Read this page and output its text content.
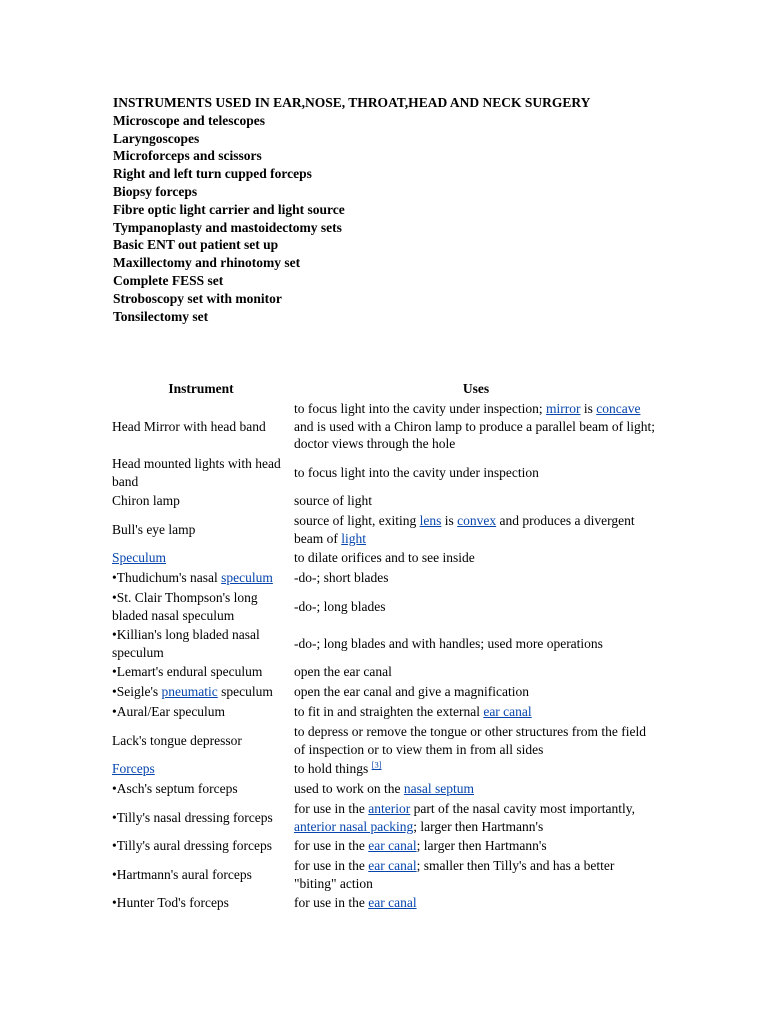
INSTRUMENTS USED IN EAR,NOSE, THROAT,HEAD AND NECK SURGERY

Microscope and telescopes

Laryngoscopes

Microforceps and scissors

Right and left turn cupped forceps

Biopsy forceps

Fibre optic light carrier and light source

Tympanoplasty and mastoidectomy sets

Basic ENT out patient set up

Maxillectomy and rhinotomy set

Complete FESS set

Stroboscopy set with monitor

Tonsilectomy set

Instrument	Uses
Head Mirror with head band	to focus light into the cavity under inspection; mirror is concave and is used with a Chiron lamp to produce a parallel beam of light; doctor views through the hole
Head mounted lights with head band	to focus light into the cavity under inspection
Chiron lamp	source of light
Bull's eye lamp	source of light, exiting lens is convex and produces a divergent beam of light
Speculum	to dilate orifices and to see inside
•Thudichum's nasal speculum	-do-; short blades
•St. Clair Thompson's long bladed nasal speculum	-do-; long blades
•Killian's long bladed nasal speculum	-do-; long blades and with handles; used more operations
•Lemart's endural speculum	open the ear canal
•Seigle's pneumatic speculum	open the ear canal and give a magnification
•Aural/Ear speculum	to fit in and straighten the external ear canal
Lack's tongue depressor	to depress or remove the tongue or other structures from the field of inspection or to view them in from all sides
Forceps	to hold things [3]
•Asch's septum forceps	used to work on the nasal septum
•Tilly's nasal dressing forceps	for use in the anterior part of the nasal cavity most importantly, anterior nasal packing; larger then Hartmann's
•Tilly's aural dressing forceps	for use in the ear canal; larger then Hartmann's
•Hartmann's aural forceps	for use in the ear canal; smaller then Tilly's and has a better "biting" action
•Hunter Tod's forceps	for use in the ear canal
